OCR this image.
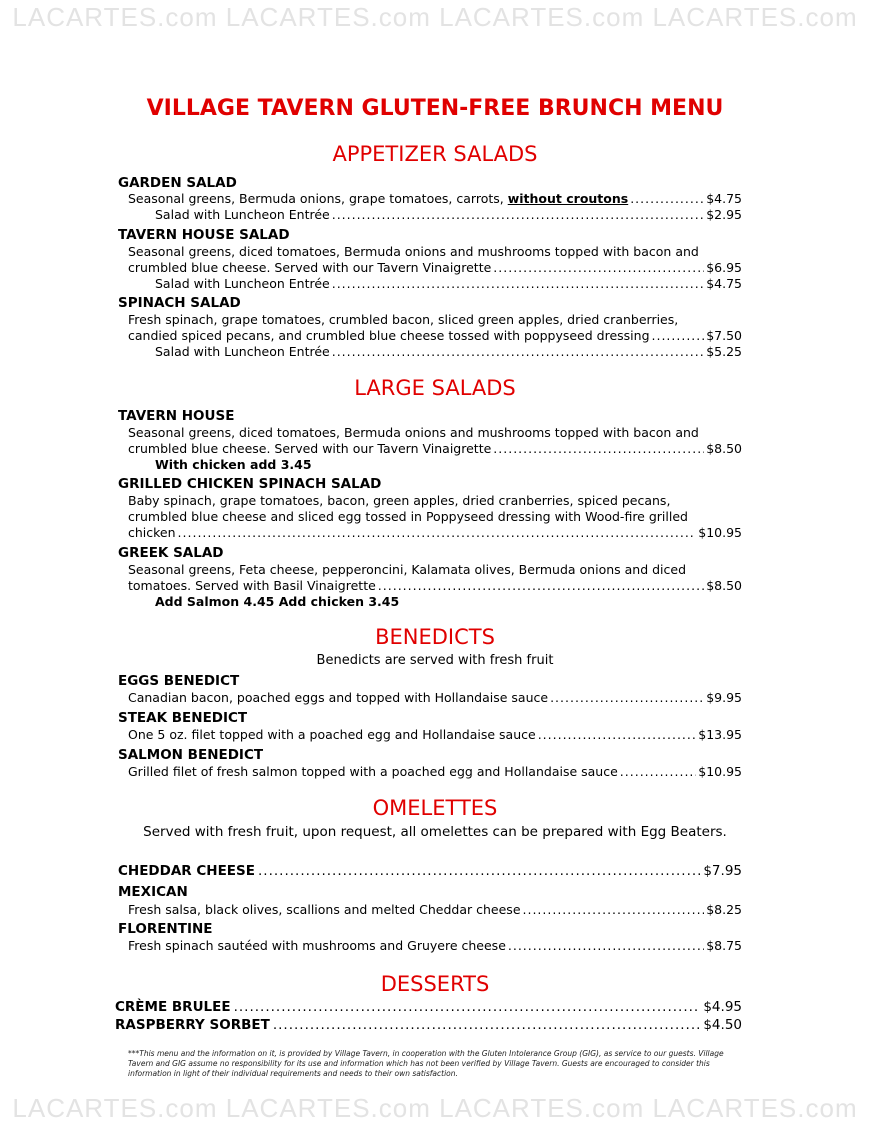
LACARTES.com LACARTES.com LACARTES.com LACARTES.com
VILLAGE TAVERN GLUTEN-FREE BRUNCH MENU
APPETIZER SALADS
GARDEN SALAD
Seasonal greens, Bermuda onions, grape tomatoes, carrots, without croutons .....	$4.75
Salad with Luncheon Entrée .....	$2.95
TAVERN HOUSE SALAD
Seasonal greens, diced tomatoes, Bermuda onions and mushrooms topped with bacon and
crumbled blue cheese. Served with our Tavern Vinaigrette .....	$6.95
Salad with Luncheon Entrée .....	$4.75
SPINACH SALAD
Fresh spinach, grape tomatoes, crumbled bacon, sliced green apples, dried cranberries,
candied spiced pecans, and crumbled blue cheese tossed with poppyseed dressing .....	$7.50
Salad with Luncheon Entrée .....	$5.25
LARGE SALADS
TAVERN HOUSE
Seasonal greens, diced tomatoes, Bermuda onions and mushrooms topped with bacon and
crumbled blue cheese. Served with our Tavern Vinaigrette .....	$8.50
With chicken add 3.45
GRILLED CHICKEN SPINACH SALAD
Baby spinach, grape tomatoes, bacon, green apples, dried cranberries, spiced pecans,
crumbled blue cheese and sliced egg tossed in Poppyseed dressing with Wood-fire grilled
chicken .....	$10.95
GREEK SALAD
Seasonal greens, Feta cheese, pepperoncini, Kalamata olives, Bermuda onions and diced
tomatoes. Served with Basil Vinaigrette .....	$8.50
Add Salmon 4.45 Add chicken 3.45
BENEDICTS
Benedicts are served with fresh fruit
EGGS BENEDICT
Canadian bacon, poached eggs and topped with Hollandaise sauce .....	$9.95
STEAK BENEDICT
One 5 oz. filet topped with a poached egg and Hollandaise sauce .....	$13.95
SALMON BENEDICT
Grilled filet of fresh salmon topped with a poached egg and Hollandaise sauce .....	$10.95
OMELETTES
Served with fresh fruit, upon request, all omelettes can be prepared with Egg Beaters.
CHEDDAR CHEESE .....	$7.95
MEXICAN
Fresh salsa, black olives, scallions and melted Cheddar cheese .....	$8.25
FLORENTINE
Fresh spinach sautéed with mushrooms and Gruyere cheese .....	$8.75
DESSERTS
CRÈME BRULEE .....	$4.95
RASPBERRY SORBET .....	$4.50
***This menu and the information on it, is provided by Village Tavern, in cooperation with the Gluten Intolerance Group (GIG), as service to our guests. Village Tavern and GIG assume no responsibility for its use and information which has not been verified by Village Tavern. Guests are encouraged to consider this information in light of their individual requirements and needs to their own satisfaction.
LACARTES.com LACARTES.com LACARTES.com LACARTES.com
